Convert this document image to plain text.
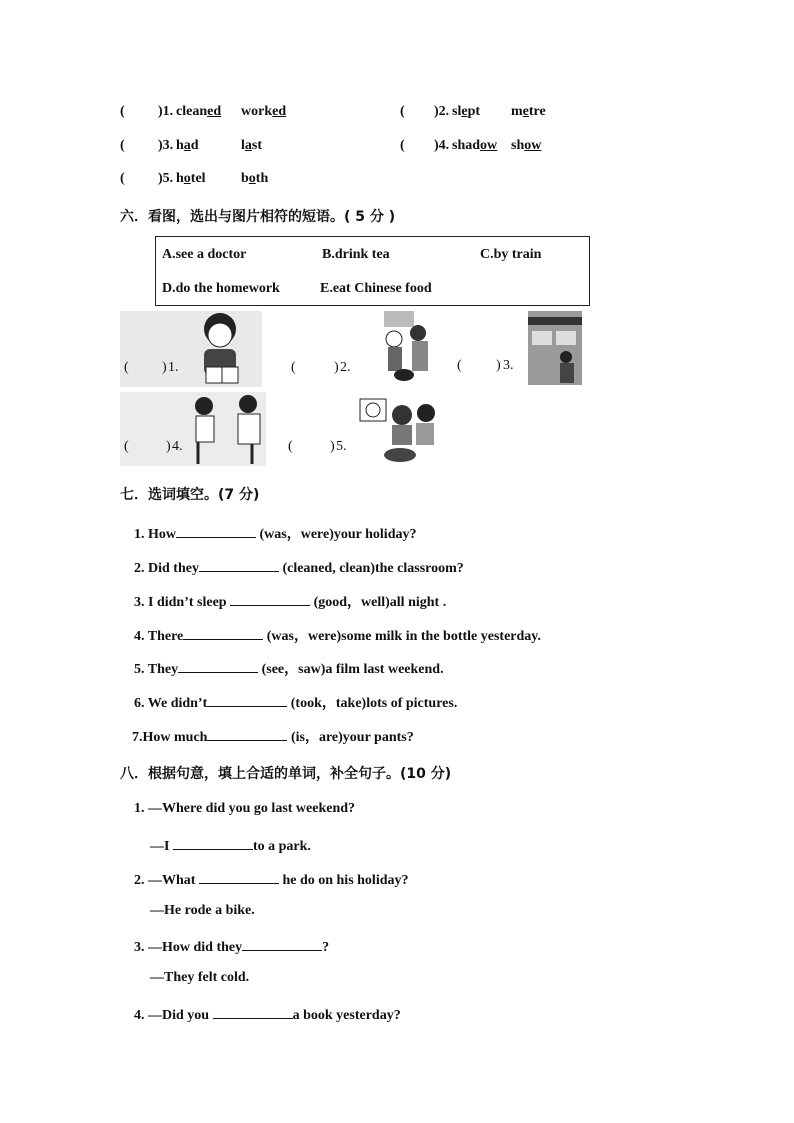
( )1. cleaned worked	( )2. slept metre
( )3. had	last	( )4. shadow show
( )5. hotel	both
六．看图，选出与图片相符的短语。( 5 分 )
A.see a doctor	B.drink tea	C.by train
D.do the homework	E.eat Chinese food
( ) 1.	(	) 2.	( ) 3.
(	) 4.	(	) 5.
七．选词填空。(7 分)
1. How	(was，were)your holiday?
2. Did they	(cleaned, clean)the classroom?
3. I didn’t sleep	(good，well)all night .
4. There	(was，were)some milk in the bottle yesterday.
5. They	(see，saw)a film last weekend.
6. We didn’t	(took，take)lots of pictures.
7.How much	(is，are)your pants?
八．根据句意，填上合适的单词，补全句子。(10 分)
1. —Where did you go last weekend?
—I	to a park.
2. —What	he do on his holiday?
—He rode a bike.
3. —How did they	?
—They felt cold.
4. —Did you	a book yesterday?
